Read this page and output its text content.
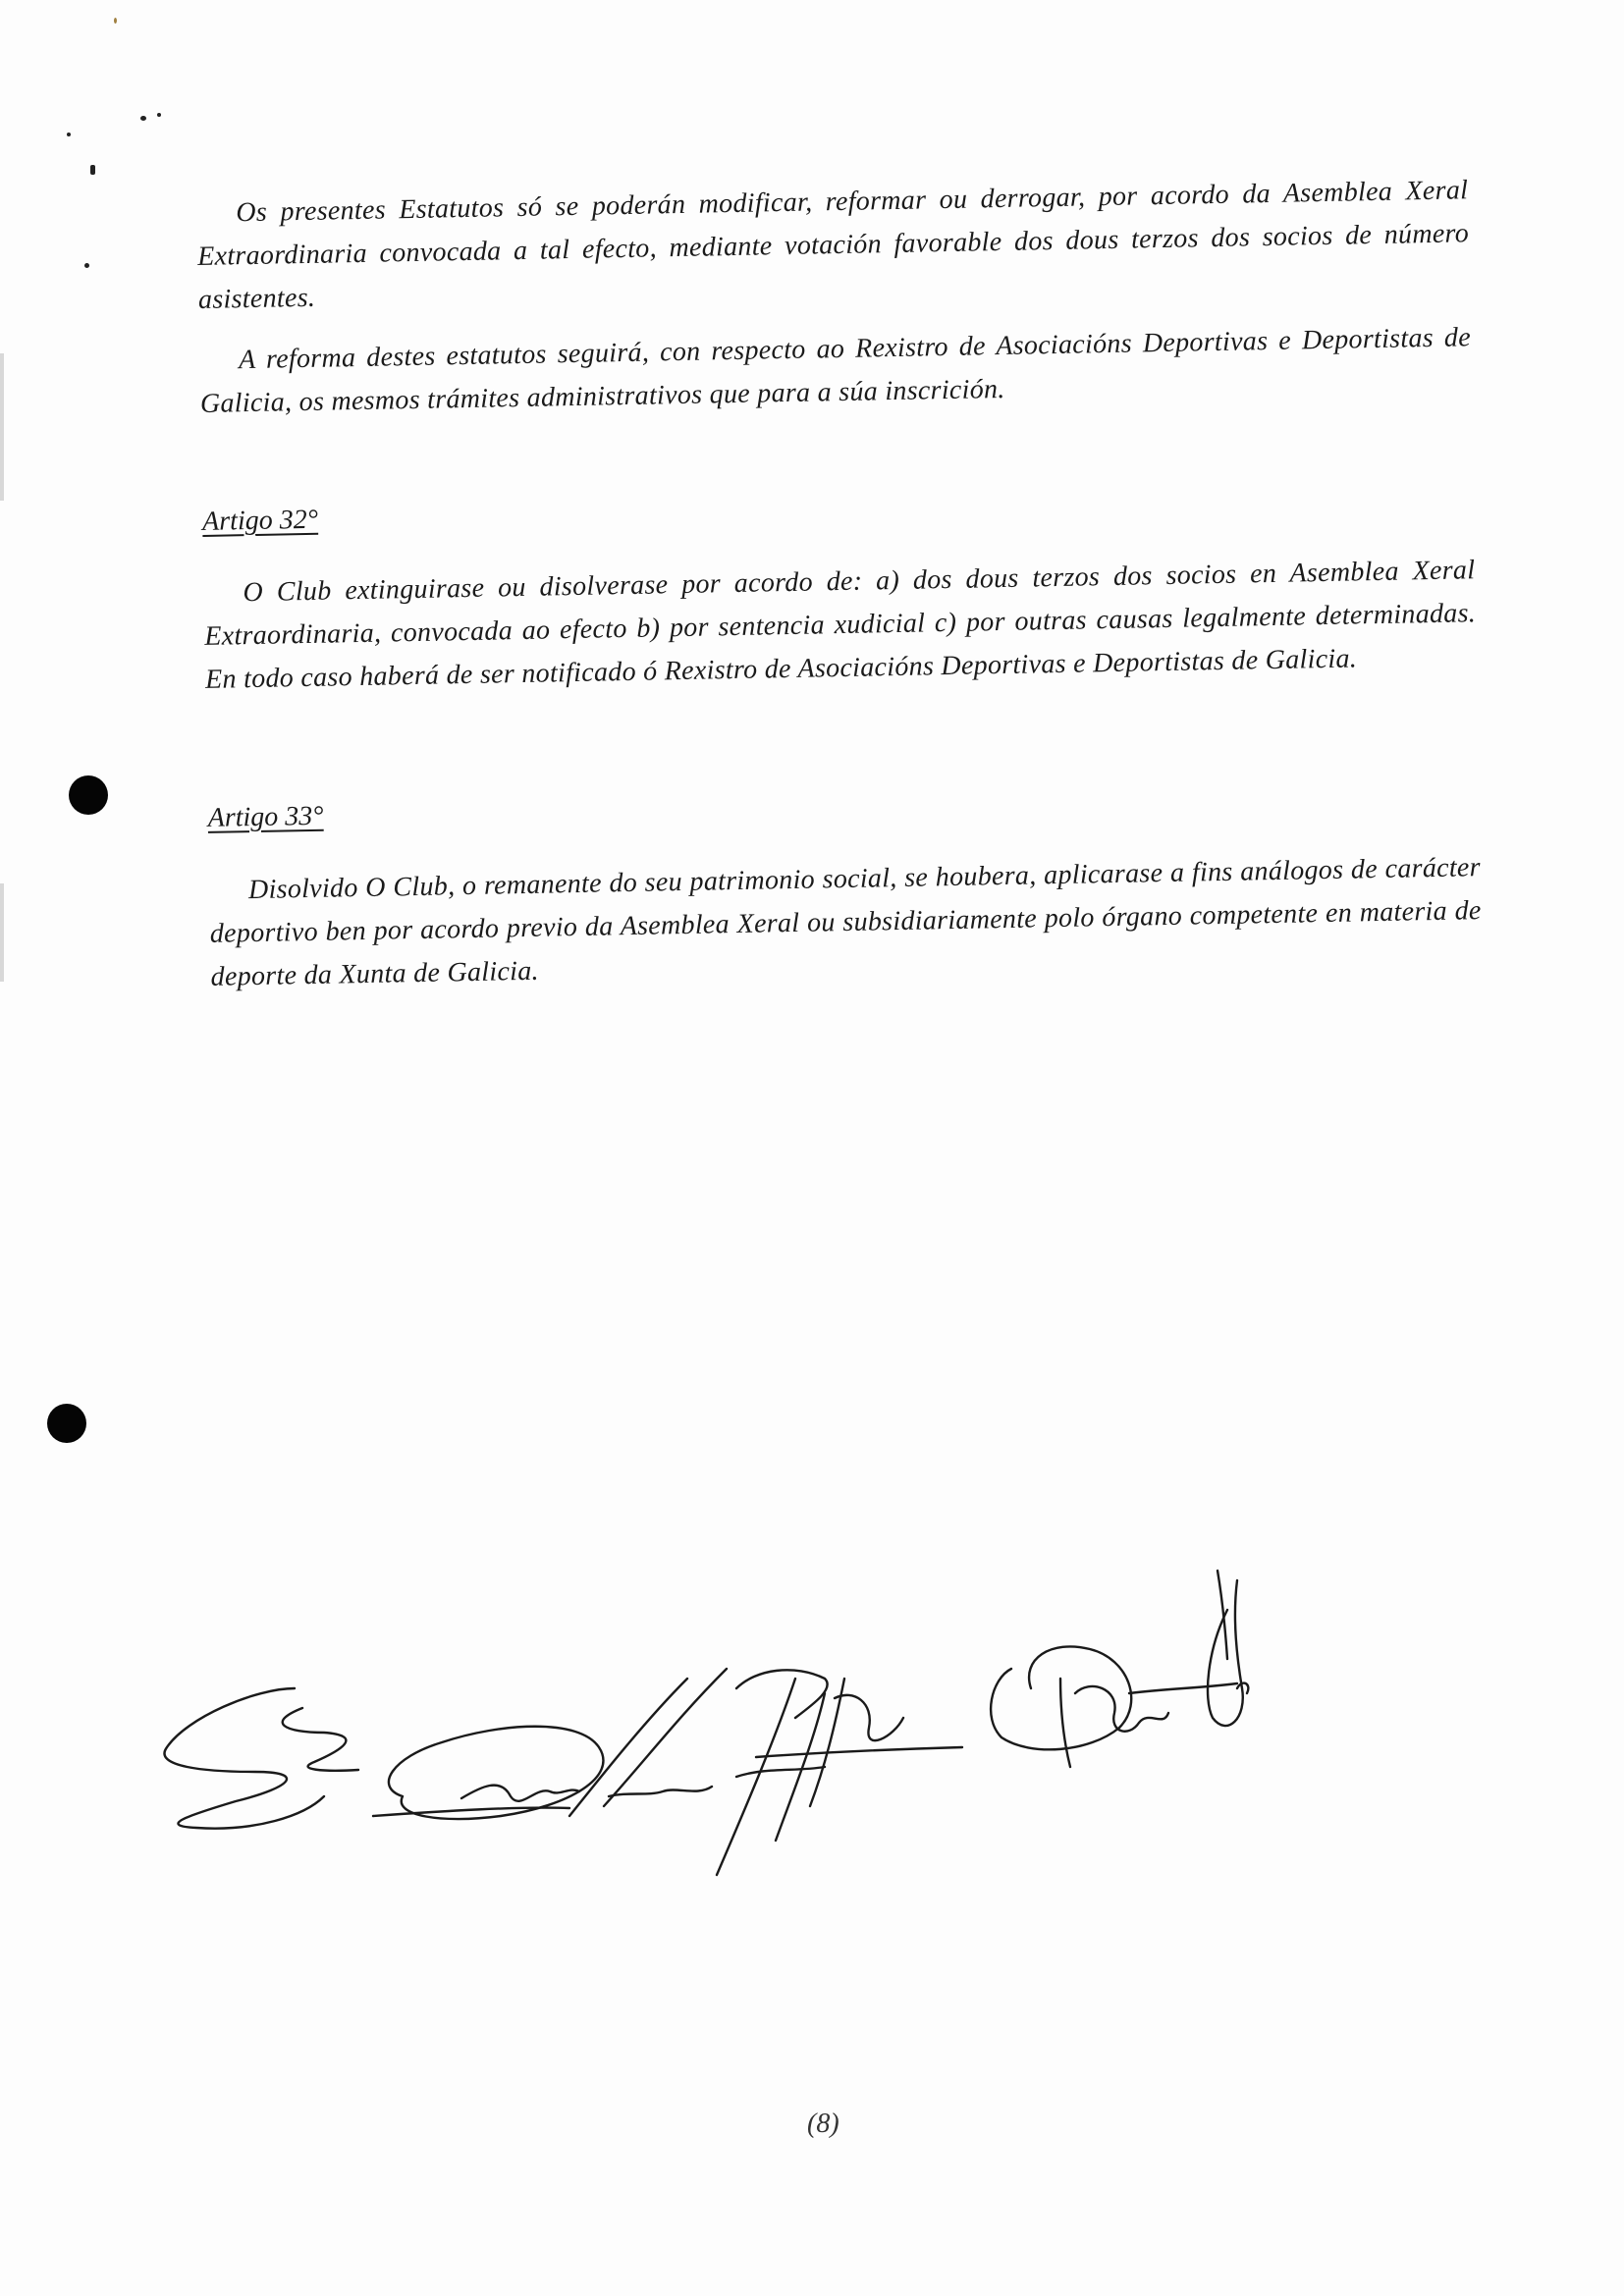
Os presentes Estatutos só se poderán modificar, reformar ou derrogar, por acordo da Asemblea Xeral Extraordinaria convocada a tal efecto, mediante votación favorable dos dous terzos dos socios de número asistentes.

A reforma destes estatutos seguirá, con respecto ao Rexistro de Asociacións Deportivas e Deportistas de Galicia, os mesmos trámites administrativos que para a súa inscrición.

Artigo 32°

O Club extinguirase ou disolverase por acordo de: a) dos dous terzos dos socios en Asemblea Xeral Extraordinaria, convocada ao efecto b) por sentencia xudicial c) por outras causas legalmente determinadas. En todo caso haberá de ser notificado ó Rexistro de Asociacións Deportivas e Deportistas de Galicia.

Artigo 33°

Disolvido O Club, o remanente do seu patrimonio social, se houbera, aplicarase a fins análogos de carácter deportivo ben por acordo previo da Asemblea Xeral ou subsidiariamente polo órgano competente en materia de deporte da Xunta de Galicia.

(8)
